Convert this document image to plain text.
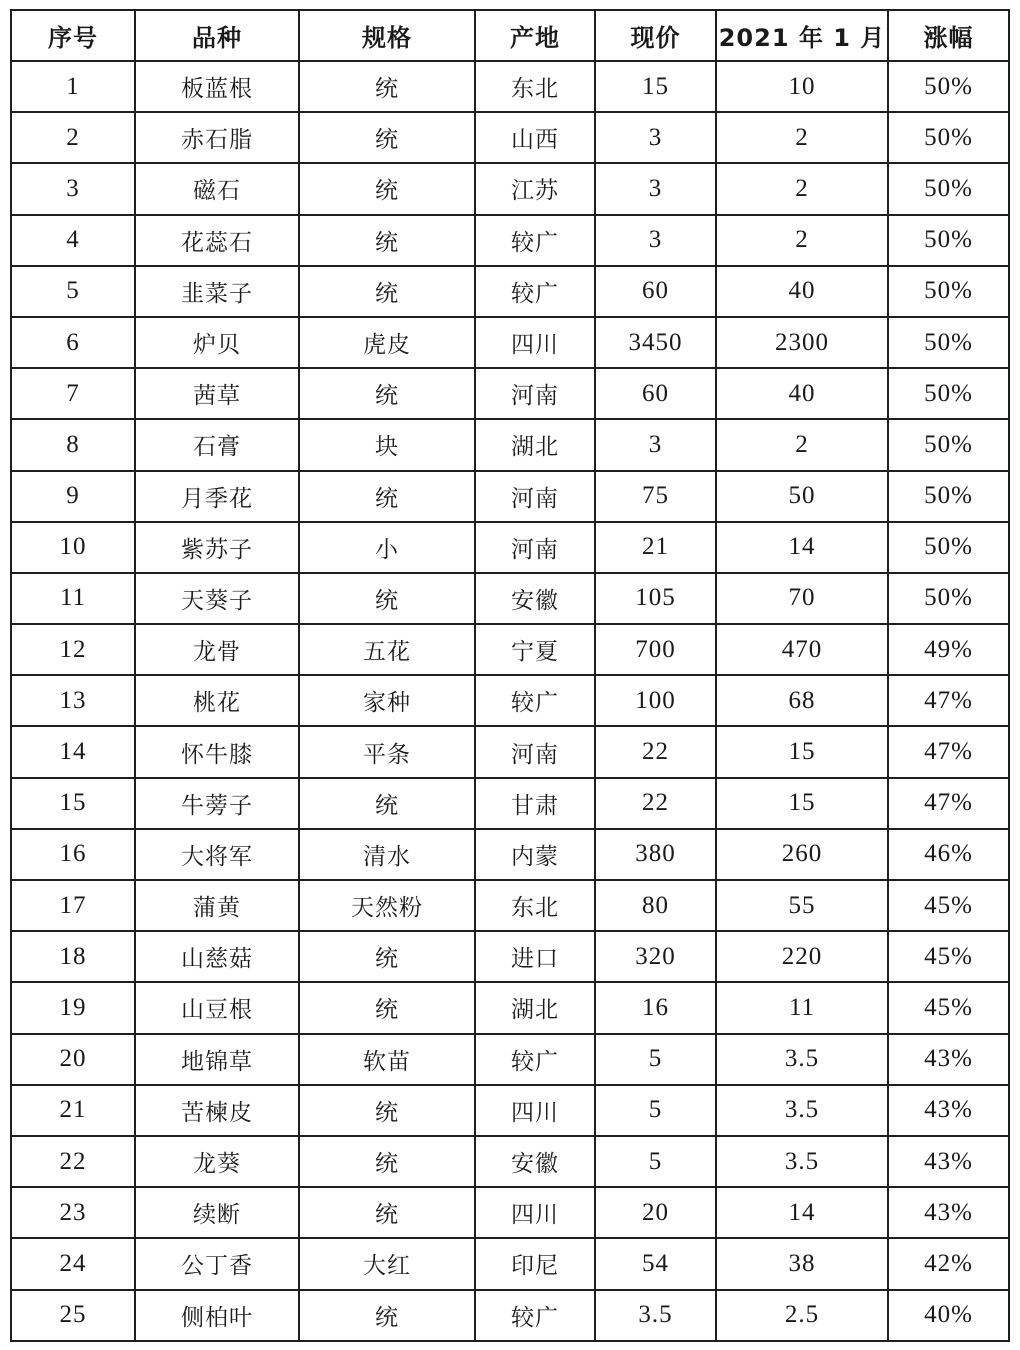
序号	品种	规格	产地	现价	2021 年 1 月	涨幅
1	板蓝根	统	东北	15	10	50%
2	赤石脂	统	山西	3	2	50%
3	磁石	统	江苏	3	2	50%
4	花蕊石	统	较广	3	2	50%
5	韭菜子	统	较广	60	40	50%
6	炉贝	虎皮	四川	3450	2300	50%
7	茜草	统	河南	60	40	50%
8	石膏	块	湖北	3	2	50%
9	月季花	统	河南	75	50	50%
10	紫苏子	小	河南	21	14	50%
11	天葵子	统	安徽	105	70	50%
12	龙骨	五花	宁夏	700	470	49%
13	桃花	家种	较广	100	68	47%
14	怀牛膝	平条	河南	22	15	47%
15	牛蒡子	统	甘肃	22	15	47%
16	大将军	清水	内蒙	380	260	46%
17	蒲黄	天然粉	东北	80	55	45%
18	山慈菇	统	进口	320	220	45%
19	山豆根	统	湖北	16	11	45%
20	地锦草	软苗	较广	5	3.5	43%
21	苦楝皮	统	四川	5	3.5	43%
22	龙葵	统	安徽	5	3.5	43%
23	续断	统	四川	20	14	43%
24	公丁香	大红	印尼	54	38	42%
25	侧柏叶	统	较广	3.5	2.5	40%
